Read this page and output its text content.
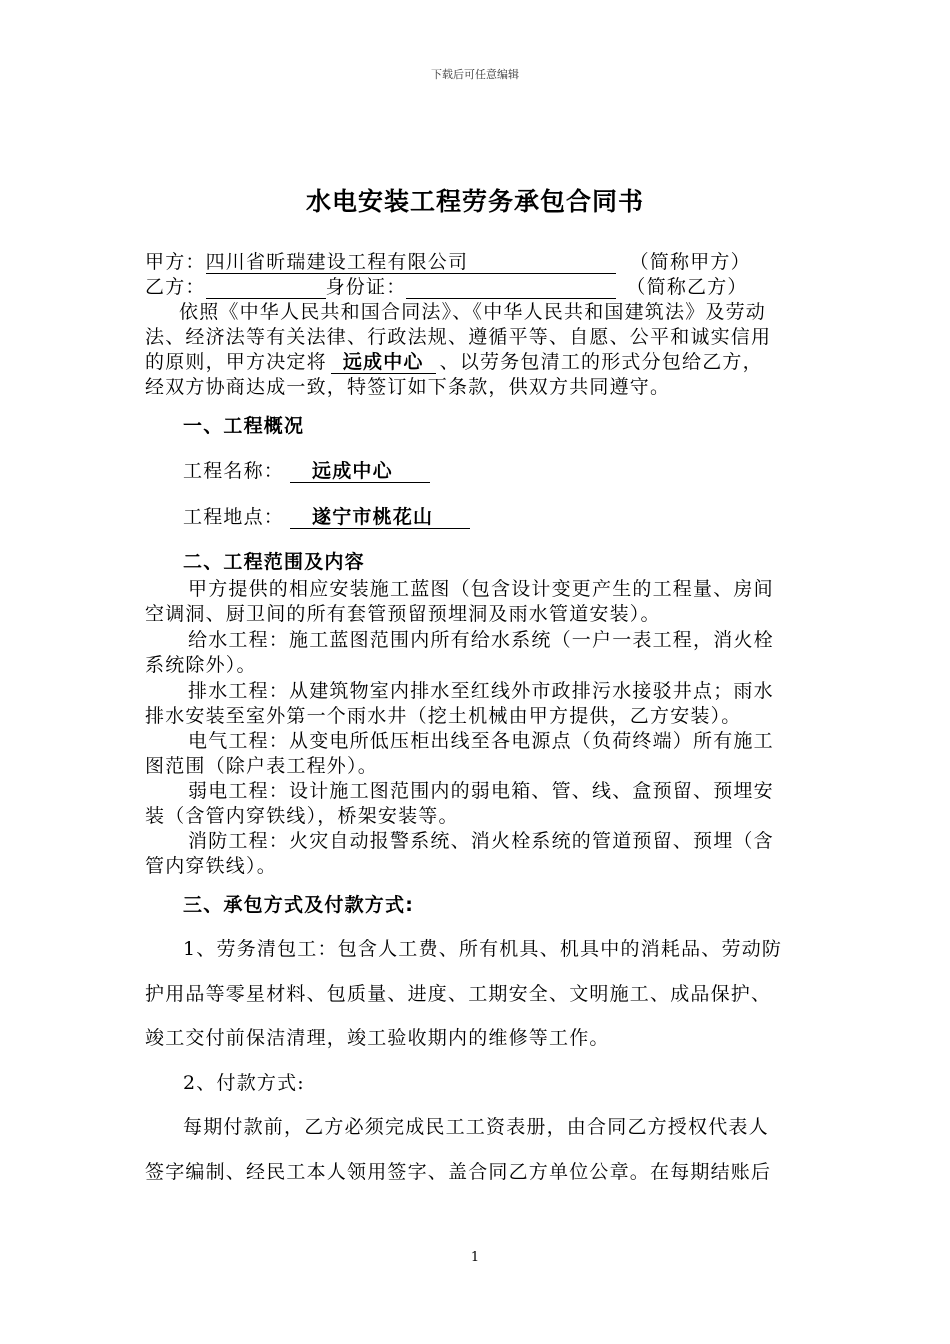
下载后可任意编辑
水电安装工程劳务承包合同书
甲方：四川省昕瑞建设工程有限公司	（简称甲方）
乙方：	身份证：	（简称乙方）
依照《中华人民共和国合同法》、《中华人民共和国建筑法》及劳动
法、经济法等有关法律、行政法规、遵循平等、自愿、公平和诚实信用
的原则，甲方决定将 远成中心 、以劳务包清工的形式分包给乙方，
经双方协商达成一致，特签订如下条款，供双方共同遵守。
一、工程概况
工程名称： 远成中心
工程地点： 遂宁市桃花山
二、工程范围及内容
甲方提供的相应安装施工蓝图（包含设计变更产生的工程量、房间
空调洞、厨卫间的所有套管预留预埋洞及雨水管道安装）。
给水工程：施工蓝图范围内所有给水系统（一户一表工程，消火栓
系统除外）。
排水工程：从建筑物室内排水至红线外市政排污水接驳井点；雨水
排水安装至室外第一个雨水井（挖土机械由甲方提供，乙方安装）。
电气工程：从变电所低压柜出线至各电源点（负荷终端）所有施工
图范围（除户表工程外）。
弱电工程：设计施工图范围内的弱电箱、管、线、盒预留、预埋安
装（含管内穿铁线），桥架安装等。
消防工程：火灾自动报警系统、消火栓系统的管道预留、预埋（含
管内穿铁线）。
三、承包方式及付款方式:
1、劳务清包工：包含人工费、所有机具、机具中的消耗品、劳动防
护用品等零星材料、包质量、进度、工期安全、文明施工、成品保护、
竣工交付前保洁清理，竣工验收期内的维修等工作。
2、付款方式:
每期付款前，乙方必须完成民工工资表册，由合同乙方授权代表人
签字编制、经民工本人领用签字、盖合同乙方单位公章。在每期结账后
1
